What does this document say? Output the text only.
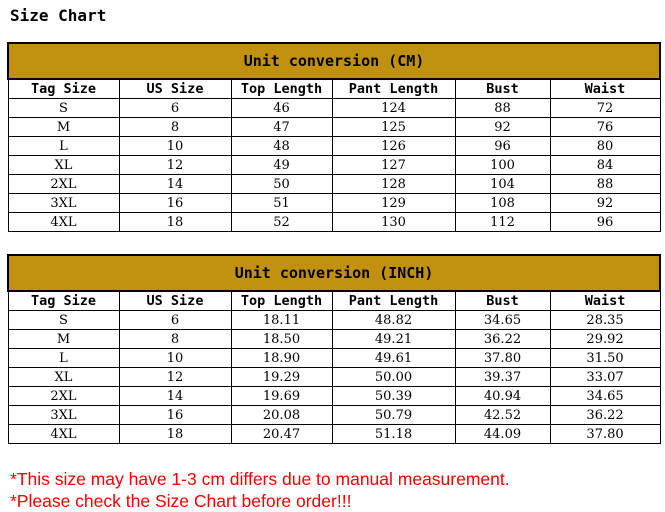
Size Chart
Unit conversion (CM)					
Tag Size	US Size	Top Length	Pant Length	Bust	Waist
S	6	46	124	88	72
M	8	47	125	92	76
L	10	48	126	96	80
XL	12	49	127	100	84
2XL	14	50	128	104	88
3XL	16	51	129	108	92
4XL	18	52	130	112	96
Unit conversion (INCH)					
Tag Size	US Size	Top Length	Pant Length	Bust	Waist
S	6	18.11	48.82	34.65	28.35
M	8	18.50	49.21	36.22	29.92
L	10	18.90	49.61	37.80	31.50
XL	12	19.29	50.00	39.37	33.07
2XL	14	19.69	50.39	40.94	34.65
3XL	16	20.08	50.79	42.52	36.22
4XL	18	20.47	51.18	44.09	37.80
*This size may have 1-3 cm differs due to manual measurement.
*Please check the Size Chart before order!!!
